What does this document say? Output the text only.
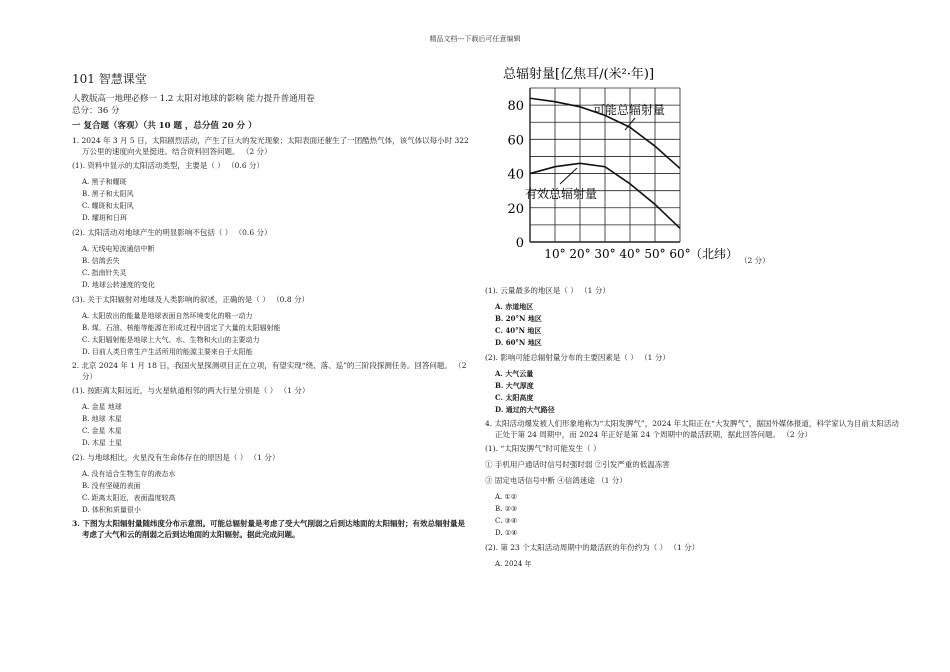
精品文档---下载后可任意编辑
101 智慧课堂
人教版高一地理必修一 1.2 太阳对地球的影响 能力提升普通用卷
总分：36 分
一 复合题（客观）（共 10 题 ，总分值 20 分 ）
1. 2024 年 3 月 5 日，太阳剧烈活动，产生了巨大的发光现象；太阳表面还催生了一团酷热气体，该气体以每小时 322 万公里的速度向火星挺进。结合资料回答问题。 （2 分）
(1). 资料中显示的太阳活动类型，主要是（ ） （0.6 分）
A. 黑子和耀斑
B. 黑子和太阳风
C. 耀斑和太阳风
D. 耀斑和日珥
(2). 太阳活动对地球产生的明显影响不包括（ ） （0.6 分）
A. 无线电短波通信中断
B. 信鸽丢失
C. 指南针失灵
D. 地球公转速度的变化
(3). 关于太阳辐射对地球及人类影响的叙述，正确的是（ ） （0.8 分）
A. 太阳放出的能量是地球表面自然环境变化的唯一动力
B. 煤、石油、核能等能源在形成过程中固定了大量的太阳辐射能
C. 太阳辐射能是地球上大气、水、生物和火山的主要动力
D. 目前人类日常生产生活所用的能源主要来自于太阳能
2. 北京 2024 年 1 月 18 日，我国火星探测项目正在立项，有望实现“绕、落、巡”的三阶段探测任务。回答问题。 （2 分）
(1). 按距离太阳远近，与火星轨道相邻的两大行星分别是（ ） （1 分）
A. 金星 地球
B. 地球 木星
C. 金星 木星
D. 木星 土星
(2). 与地球相比，火星没有生命体存在的原因是（ ） （1 分）
A. 没有适合生物生存的液态水
B. 没有坚硬的表面
C. 距离太阳近，表面温度较高
D. 体积和质量很小
3. 下图为太阳辐射量随纬度分布示意图。可能总辐射量是考虑了受大气削弱之后到达地面的太阳辐射；有效总辐射量是考虑了大气和云的削弱之后到达地面的太阳辐射。据此完成问题。
可能总辐射量
有效总辐射量
总辐射量[亿焦耳/(米²·年)]
0
20
40
60
80
10° 20° 30° 40° 50° 60° （北纬） （2 分）
(1). 云量最多的地区是（ ） （1 分）
A. 赤道地区
B. 20°N 地区
C. 40°N 地区
D. 60°N 地区
(2). 影响可能总辐射量分布的主要因素是（ ） （1 分）
A. 大气云量
B. 大气厚度
C. 太阳高度
D. 通过的大气路径
4. 太阳活动爆发被人们形象地称为“太阳发脾气”，2024 年太阳正在“大发脾气”，据国外媒体报道，科学家认为目前太阳活动正处于第 24 周期中，而 2024 年正好是第 24 个周期中的最活跃期，据此回答问题。 （2 分）
(1). “太阳发脾气”时可能发生（ ）
① 手机用户通话时信号时强时弱 ②引发严重的低温冻害
③ 固定电话信号中断 ④信鸽迷途 （1 分）
A. ①②
B. ②③
C. ③④
D. ①④
(2). 第 23 个太阳活动周期中的最活跃的年份约为（ ） （1 分）
A. 2024 年
